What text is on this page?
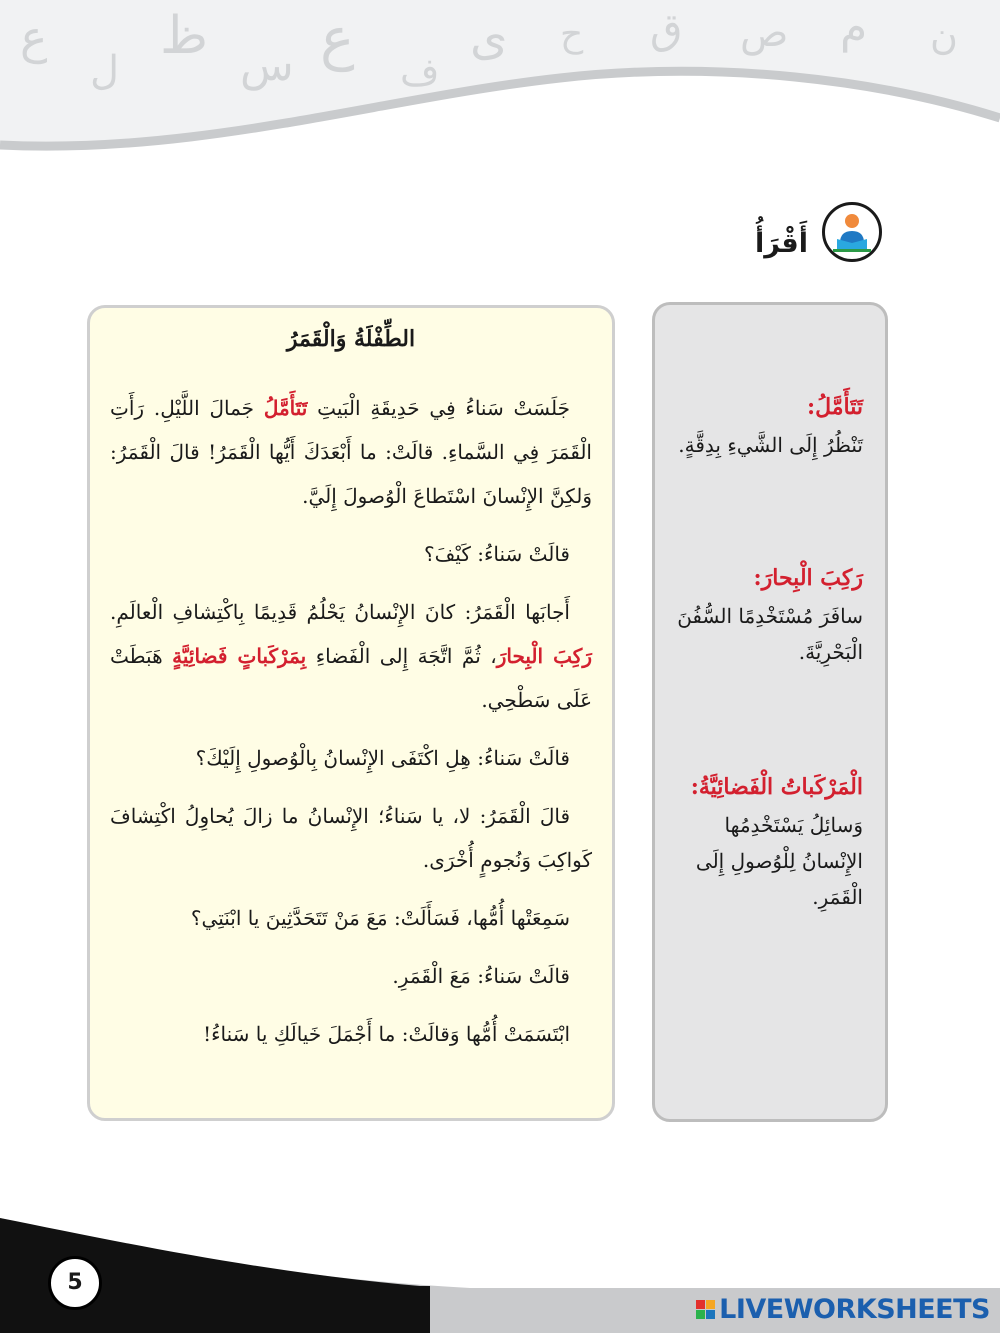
ع
ل
ظ س ع ف
ى ح ق ص م ن
أَقْرَأُ
الطِّفْلَةُ وَالْقَمَرُ

جَلَسَتْ سَناءُ فِي حَدِيقَةِ الْبَيتِ تَتَأَمَّلُ جَمالَ اللَّيْلِ. رَأَتِ الْقَمَرَ فِي السَّماءِ. قالَتْ: ما أَبْعَدَكَ أَيُّها الْقَمَرُ! قالَ الْقَمَرُ: وَلكِنَّ الإِنْسانَ اسْتَطاعَ الْوُصولَ إِلَيَّ.

قالَتْ سَناءُ: كَيْفَ؟

أَجابَها الْقَمَرُ: كانَ الإِنْسانُ يَحْلُمُ قَدِيمًا بِاكْتِشافِ الْعالَمِ. رَكِبَ الْبِحارَ، ثُمَّ اتَّجَهَ إِلى الْفَضاءِ بِمَرْكَباتٍ فَضائِيَّةٍ هَبَطَتْ عَلَى سَطْحِي.

قالَتْ سَناءُ: هِلِ اكْتَفَى الإِنْسانُ بِالْوُصولِ إِلَيْكَ؟

قالَ الْقَمَرُ: لا، يا سَناءُ؛ الإِنْسانُ ما زالَ يُحاوِلُ اكْتِشافَ كَواكِبَ وَنُجومٍ أُخْرَى.

سَمِعَتْها أُمُّها، فَسَأَلَتْ: مَعَ مَنْ تَتَحَدَّثِينَ يا ابْنَتِي؟

قالَتْ سَناءُ: مَعَ الْقَمَرِ.

ابْتَسَمَتْ أُمُّها وَقالَتْ: ما أَجْمَلَ خَيالَكِ يا سَناءُ!

تَتَأَمَّلُ:
تَنْظُرُ إِلَى الشَّيءِ بِدِقَّةٍ.
رَكِبَ الْبِحارَ:
سافَرَ مُسْتَخْدِمًا السُّفُنَ الْبَحْرِيَّةَ.
الْمَرْكَباتُ الْفَضائِيَّةُ:
وَسائِلُ يَسْتَخْدِمُها الإِنْسانُ لِلْوُصولِ إِلَى الْقَمَرِ.
5
LIVEWORKSHEETS
